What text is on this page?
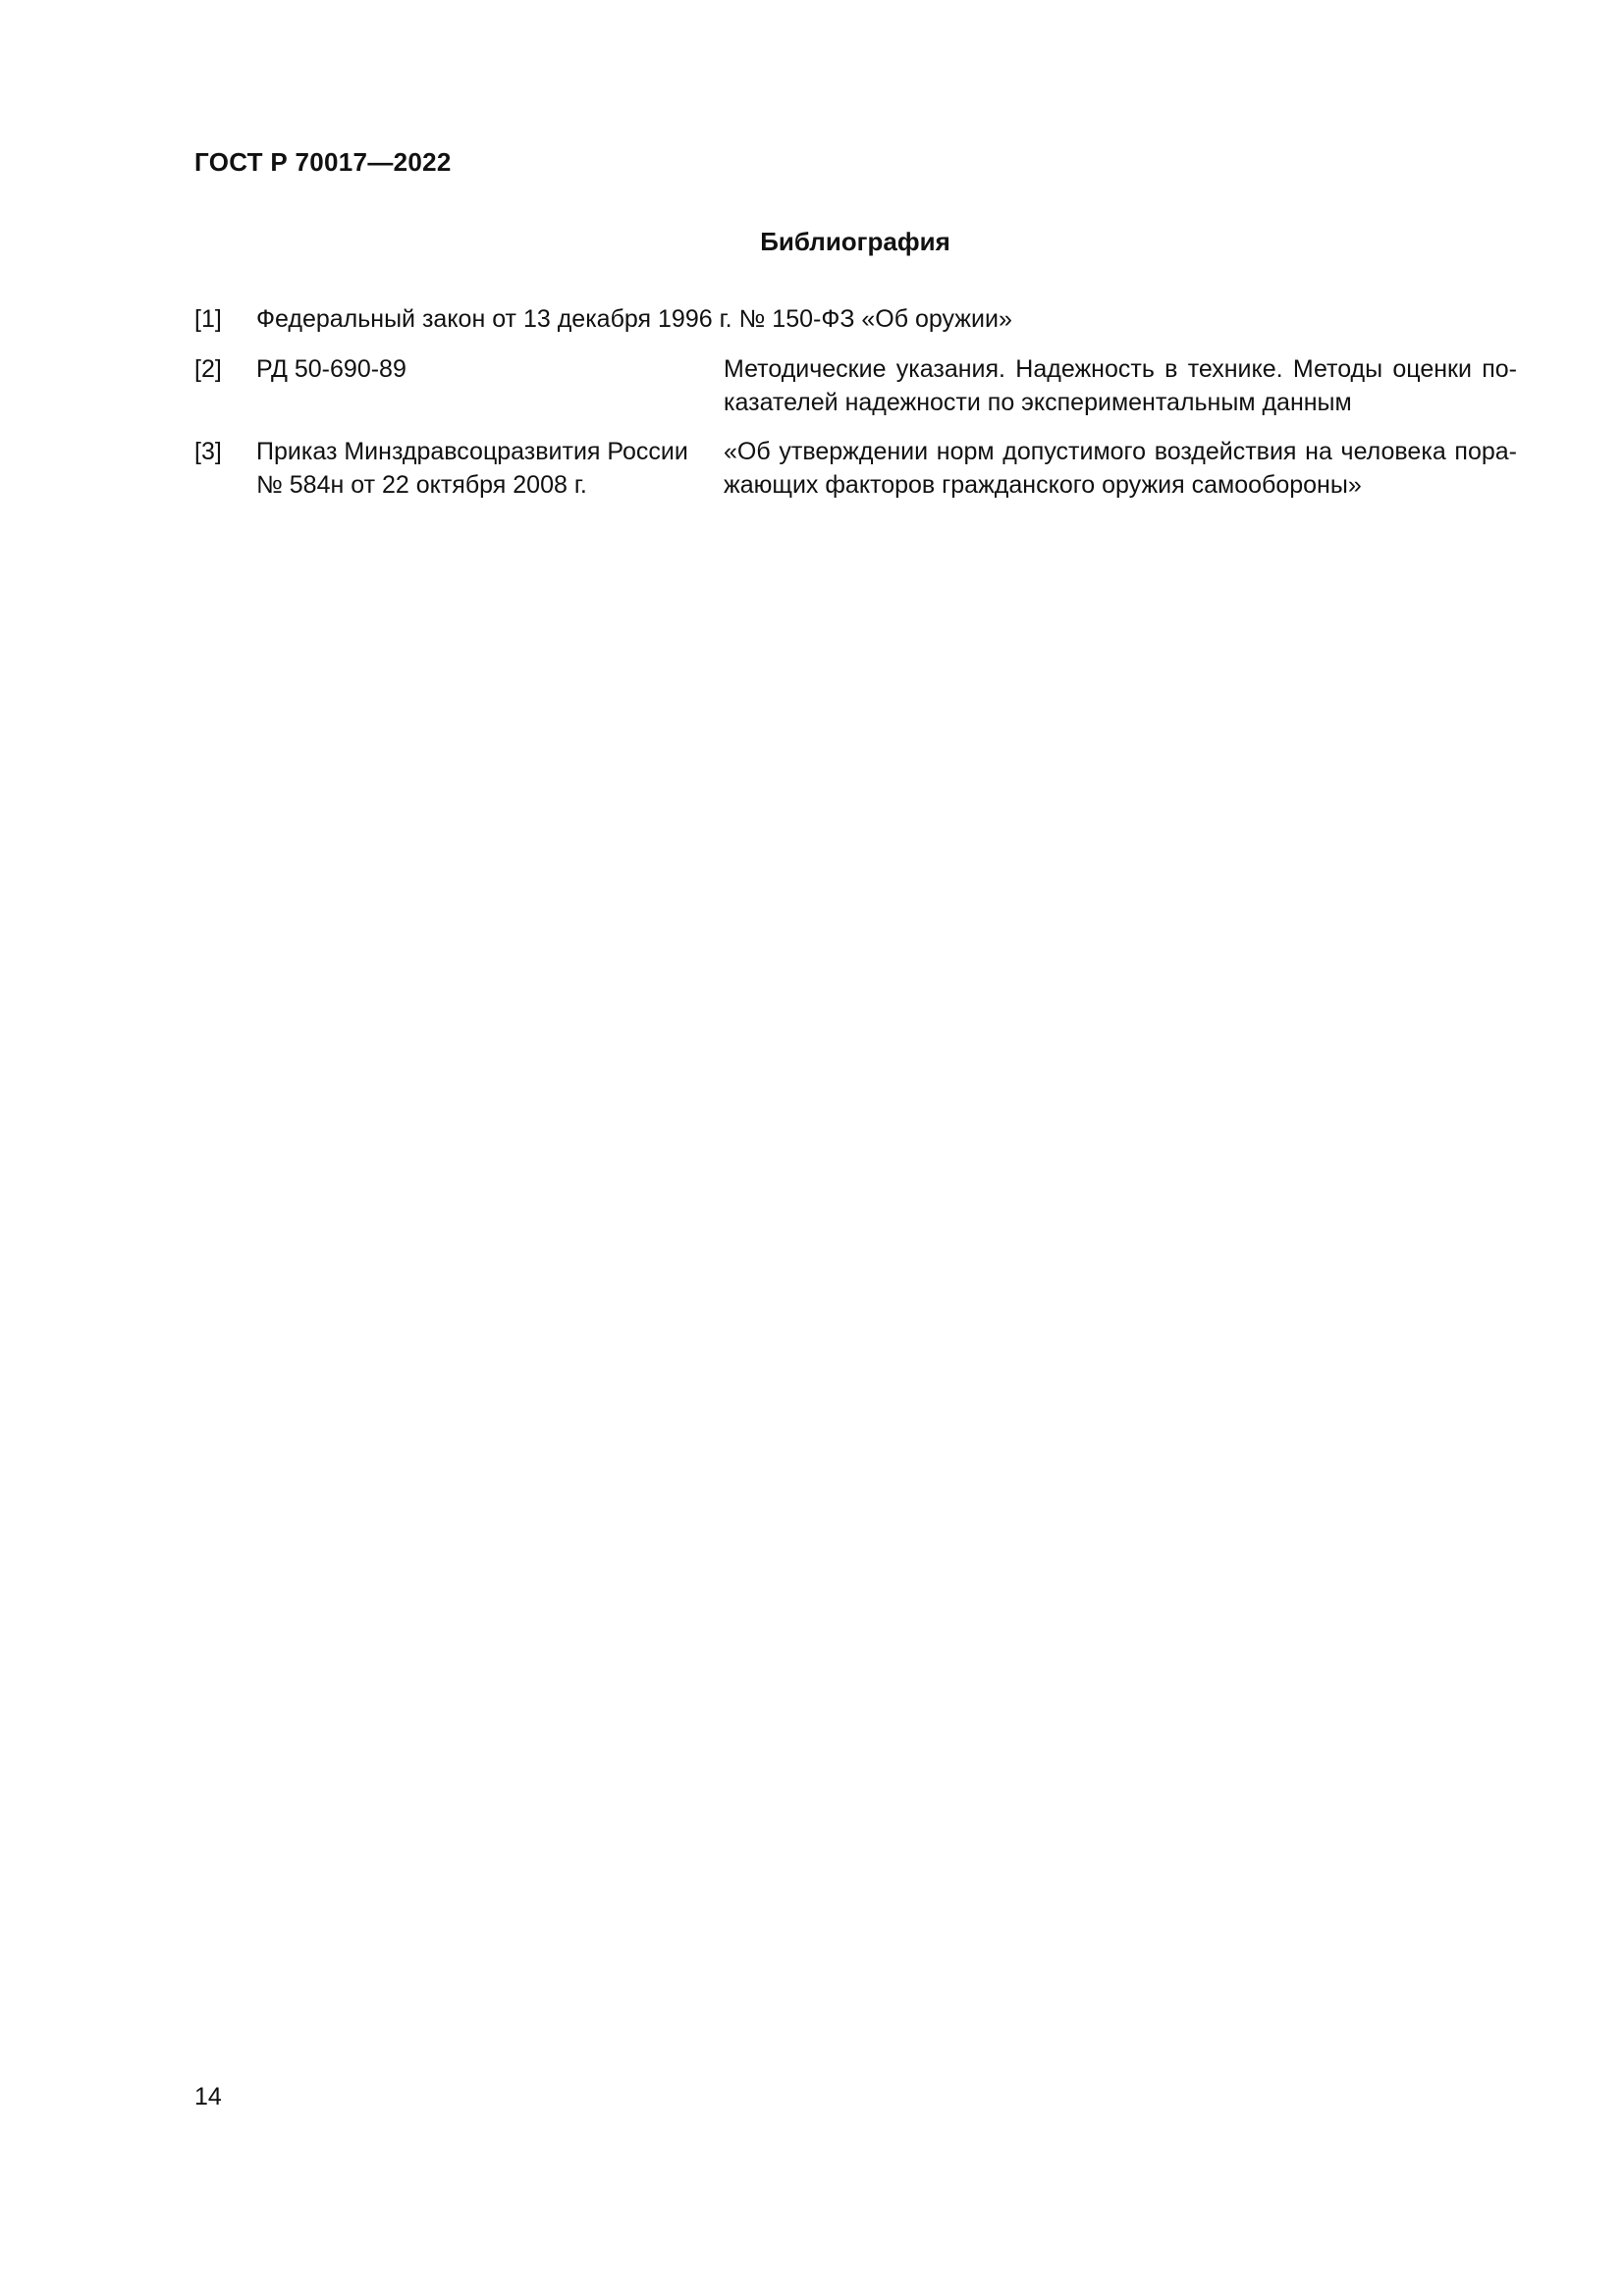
ГОСТ Р 70017—2022
Библиография
[1] Федеральный закон от 13 декабря 1996 г. № 150-ФЗ «Об оружии»
[2] РД 50-690-89	Методические указания. Надежность в технике. Методы оценки по-
казателей надежности по экспериментальным данным
[3] Приказ Минздравсоцразвития России
№ 584н от 22 октября 2008 г.
«Об утверждении норм допустимого воздействия на человека пора-
жающих факторов гражданского оружия самообороны»
14
